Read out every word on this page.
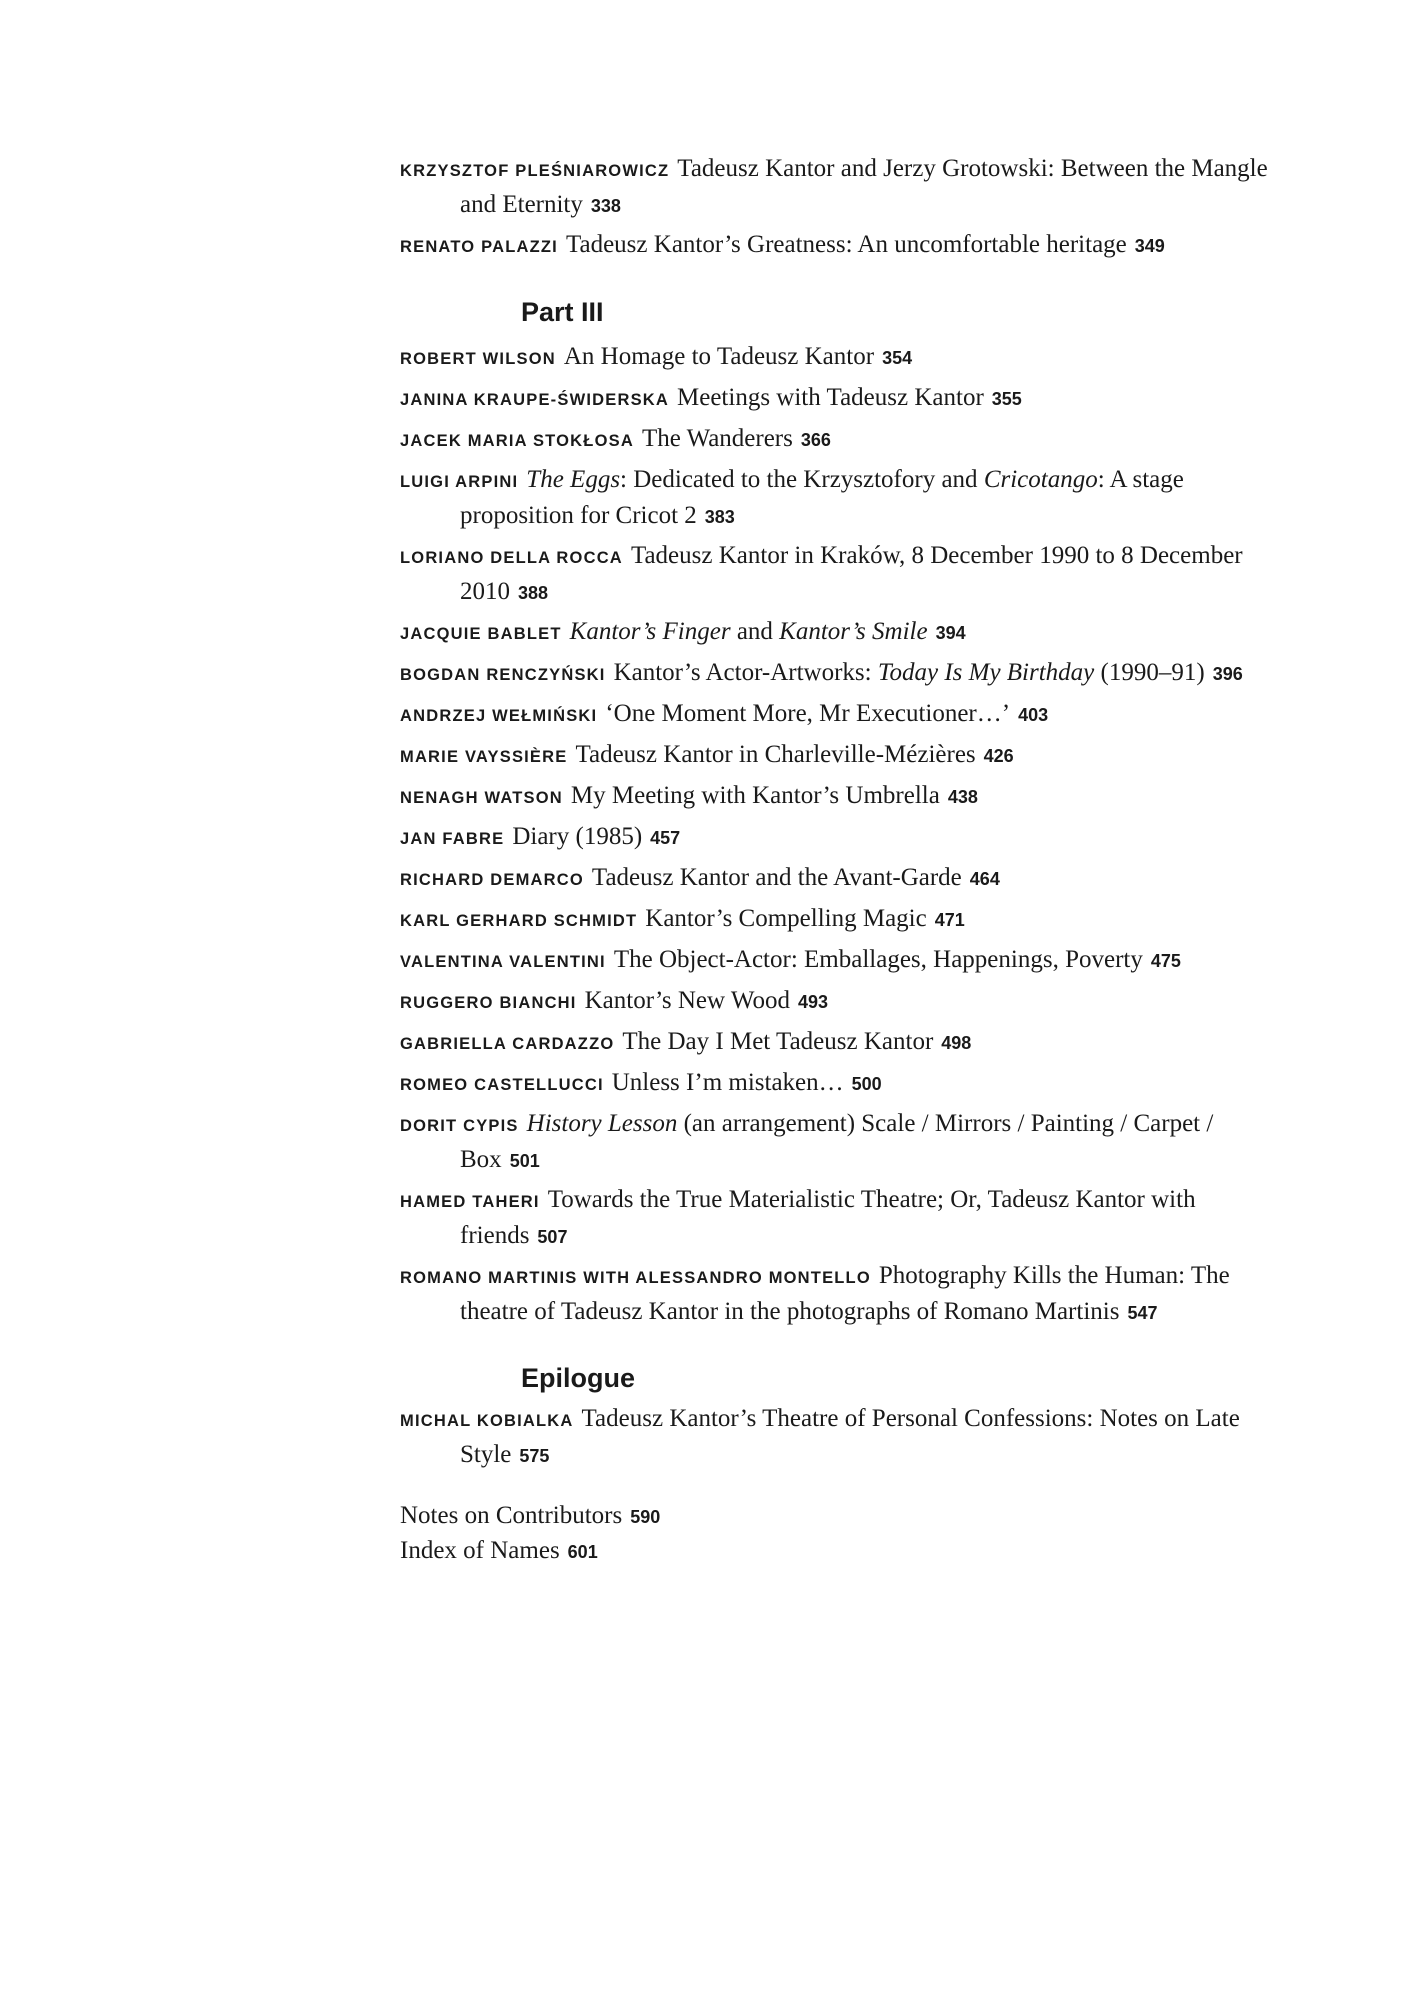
KRZYSZTOF PLEŚNIAROWICZ Tadeusz Kantor and Jerzy Grotowski: Between the Mangle and Eternity 338
RENATO PALAZZI Tadeusz Kantor’s Greatness: An uncomfortable heritage 349
Part III
ROBERT WILSON An Homage to Tadeusz Kantor 354
JANINA KRAUPE-ŚWIDERSKA Meetings with Tadeusz Kantor 355
JACEK MARIA STOKŁOSA The Wanderers 366
LUIGI ARPINI The Eggs: Dedicated to the Krzysztofory and Cricotango: A stage proposition for Cricot 2 383
LORIANO DELLA ROCCA Tadeusz Kantor in Kraków, 8 December 1990 to 8 December 2010 388
JACQUIE BABLET Kantor’s Finger and Kantor’s Smile 394
BOGDAN RENCZYŃSKI Kantor’s Actor-Artworks: Today Is My Birthday (1990–91) 396
ANDRZEJ WEŁMIŃSKI ‘One Moment More, Mr Executioner…’ 403
MARIE VAYSSIÈRE Tadeusz Kantor in Charleville-Mézières 426
NENAGH WATSON My Meeting with Kantor’s Umbrella 438
JAN FABRE Diary (1985) 457
RICHARD DEMARCO Tadeusz Kantor and the Avant-Garde 464
KARL GERHARD SCHMIDT Kantor’s Compelling Magic 471
VALENTINA VALENTINI The Object-Actor: Emballages, Happenings, Poverty 475
RUGGERO BIANCHI Kantor’s New Wood 493
GABRIELLA CARDAZZO The Day I Met Tadeusz Kantor 498
ROMEO CASTELLUCCI Unless I’m mistaken… 500
DORIT CYPIS History Lesson (an arrangement) Scale / Mirrors / Painting / Carpet / Box 501
HAMED TAHERI Towards the True Materialistic Theatre; Or, Tadeusz Kantor with friends 507
ROMANO MARTINIS WITH ALESSANDRO MONTELLO Photography Kills the Human: The theatre of Tadeusz Kantor in the photographs of Romano Martinis 547
Epilogue
MICHAL KOBIALKA Tadeusz Kantor’s Theatre of Personal Confessions: Notes on Late Style 575
Notes on Contributors 590
Index of Names 601
